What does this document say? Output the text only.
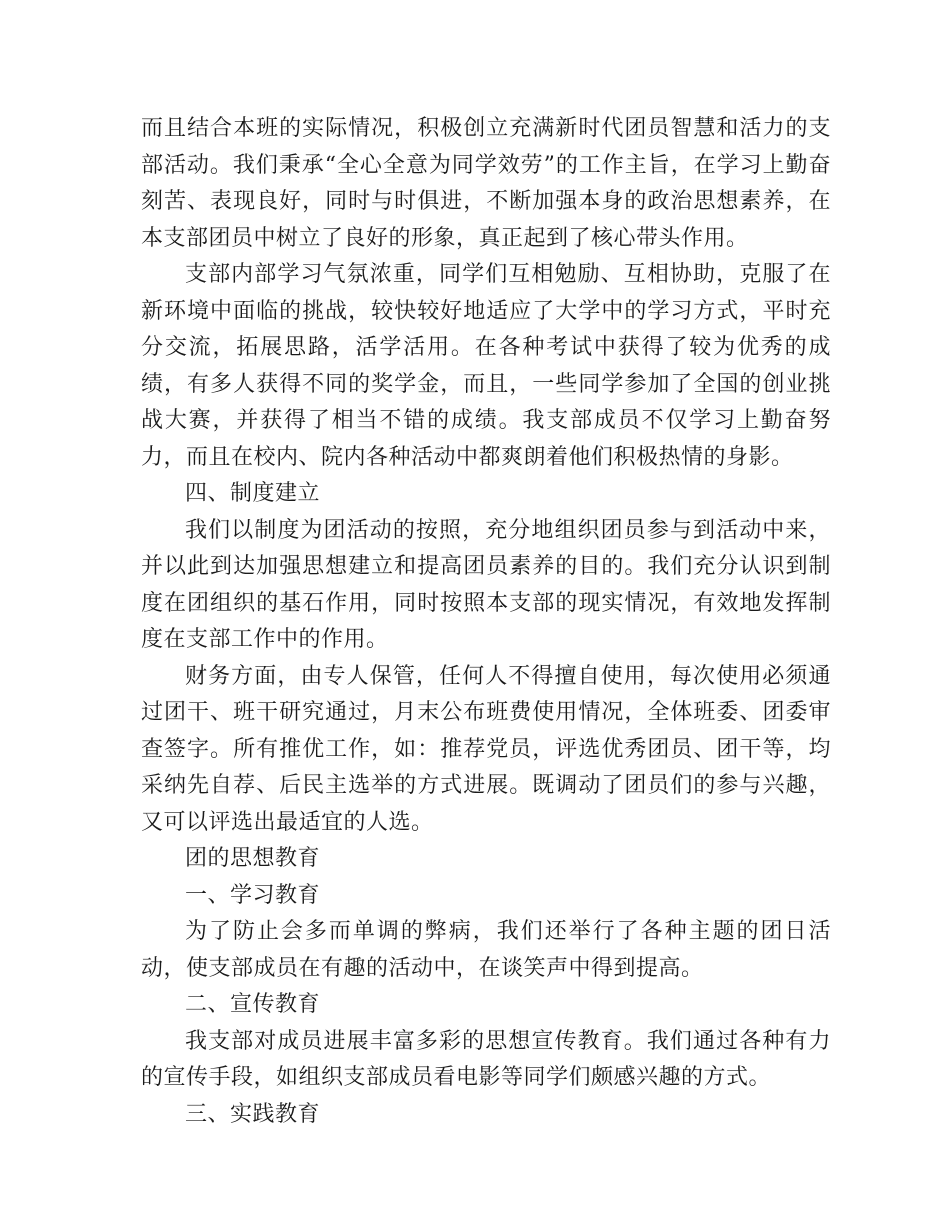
而且结合本班的实际情况，积极创立充满新时代团员智慧和活力的支部活动。我们秉承“全心全意为同学效劳”的工作主旨，在学习上勤奋刻苦、表现良好，同时与时俱进，不断加强本身的政治思想素养，在本支部团员中树立了良好的形象，真正起到了核心带头作用。

支部内部学习气氛浓重，同学们互相勉励、互相协助，克服了在新环境中面临的挑战，较快较好地适应了大学中的学习方式，平时充分交流，拓展思路，活学活用。在各种考试中获得了较为优秀的成绩，有多人获得不同的奖学金，而且，一些同学参加了全国的创业挑战大赛，并获得了相当不错的成绩。我支部成员不仅学习上勤奋努力，而且在校内、院内各种活动中都爽朗着他们积极热情的身影。

四、制度建立

我们以制度为团活动的按照，充分地组织团员参与到活动中来，并以此到达加强思想建立和提高团员素养的目的。我们充分认识到制度在团组织的基石作用，同时按照本支部的现实情况，有效地发挥制度在支部工作中的作用。

财务方面，由专人保管，任何人不得擅自使用，每次使用必须通过团干、班干研究通过，月末公布班费使用情况，全体班委、团委审查签字。所有推优工作，如：推荐党员，评选优秀团员、团干等，均采纳先自荐、后民主选举的方式进展。既调动了团员们的参与兴趣，又可以评选出最适宜的人选。

团的思想教育

一、学习教育

为了防止会多而单调的弊病，我们还举行了各种主题的团日活动，使支部成员在有趣的活动中，在谈笑声中得到提高。

二、宣传教育

我支部对成员进展丰富多彩的思想宣传教育。我们通过各种有力的宣传手段，如组织支部成员看电影等同学们颇感兴趣的方式。

三、实践教育
